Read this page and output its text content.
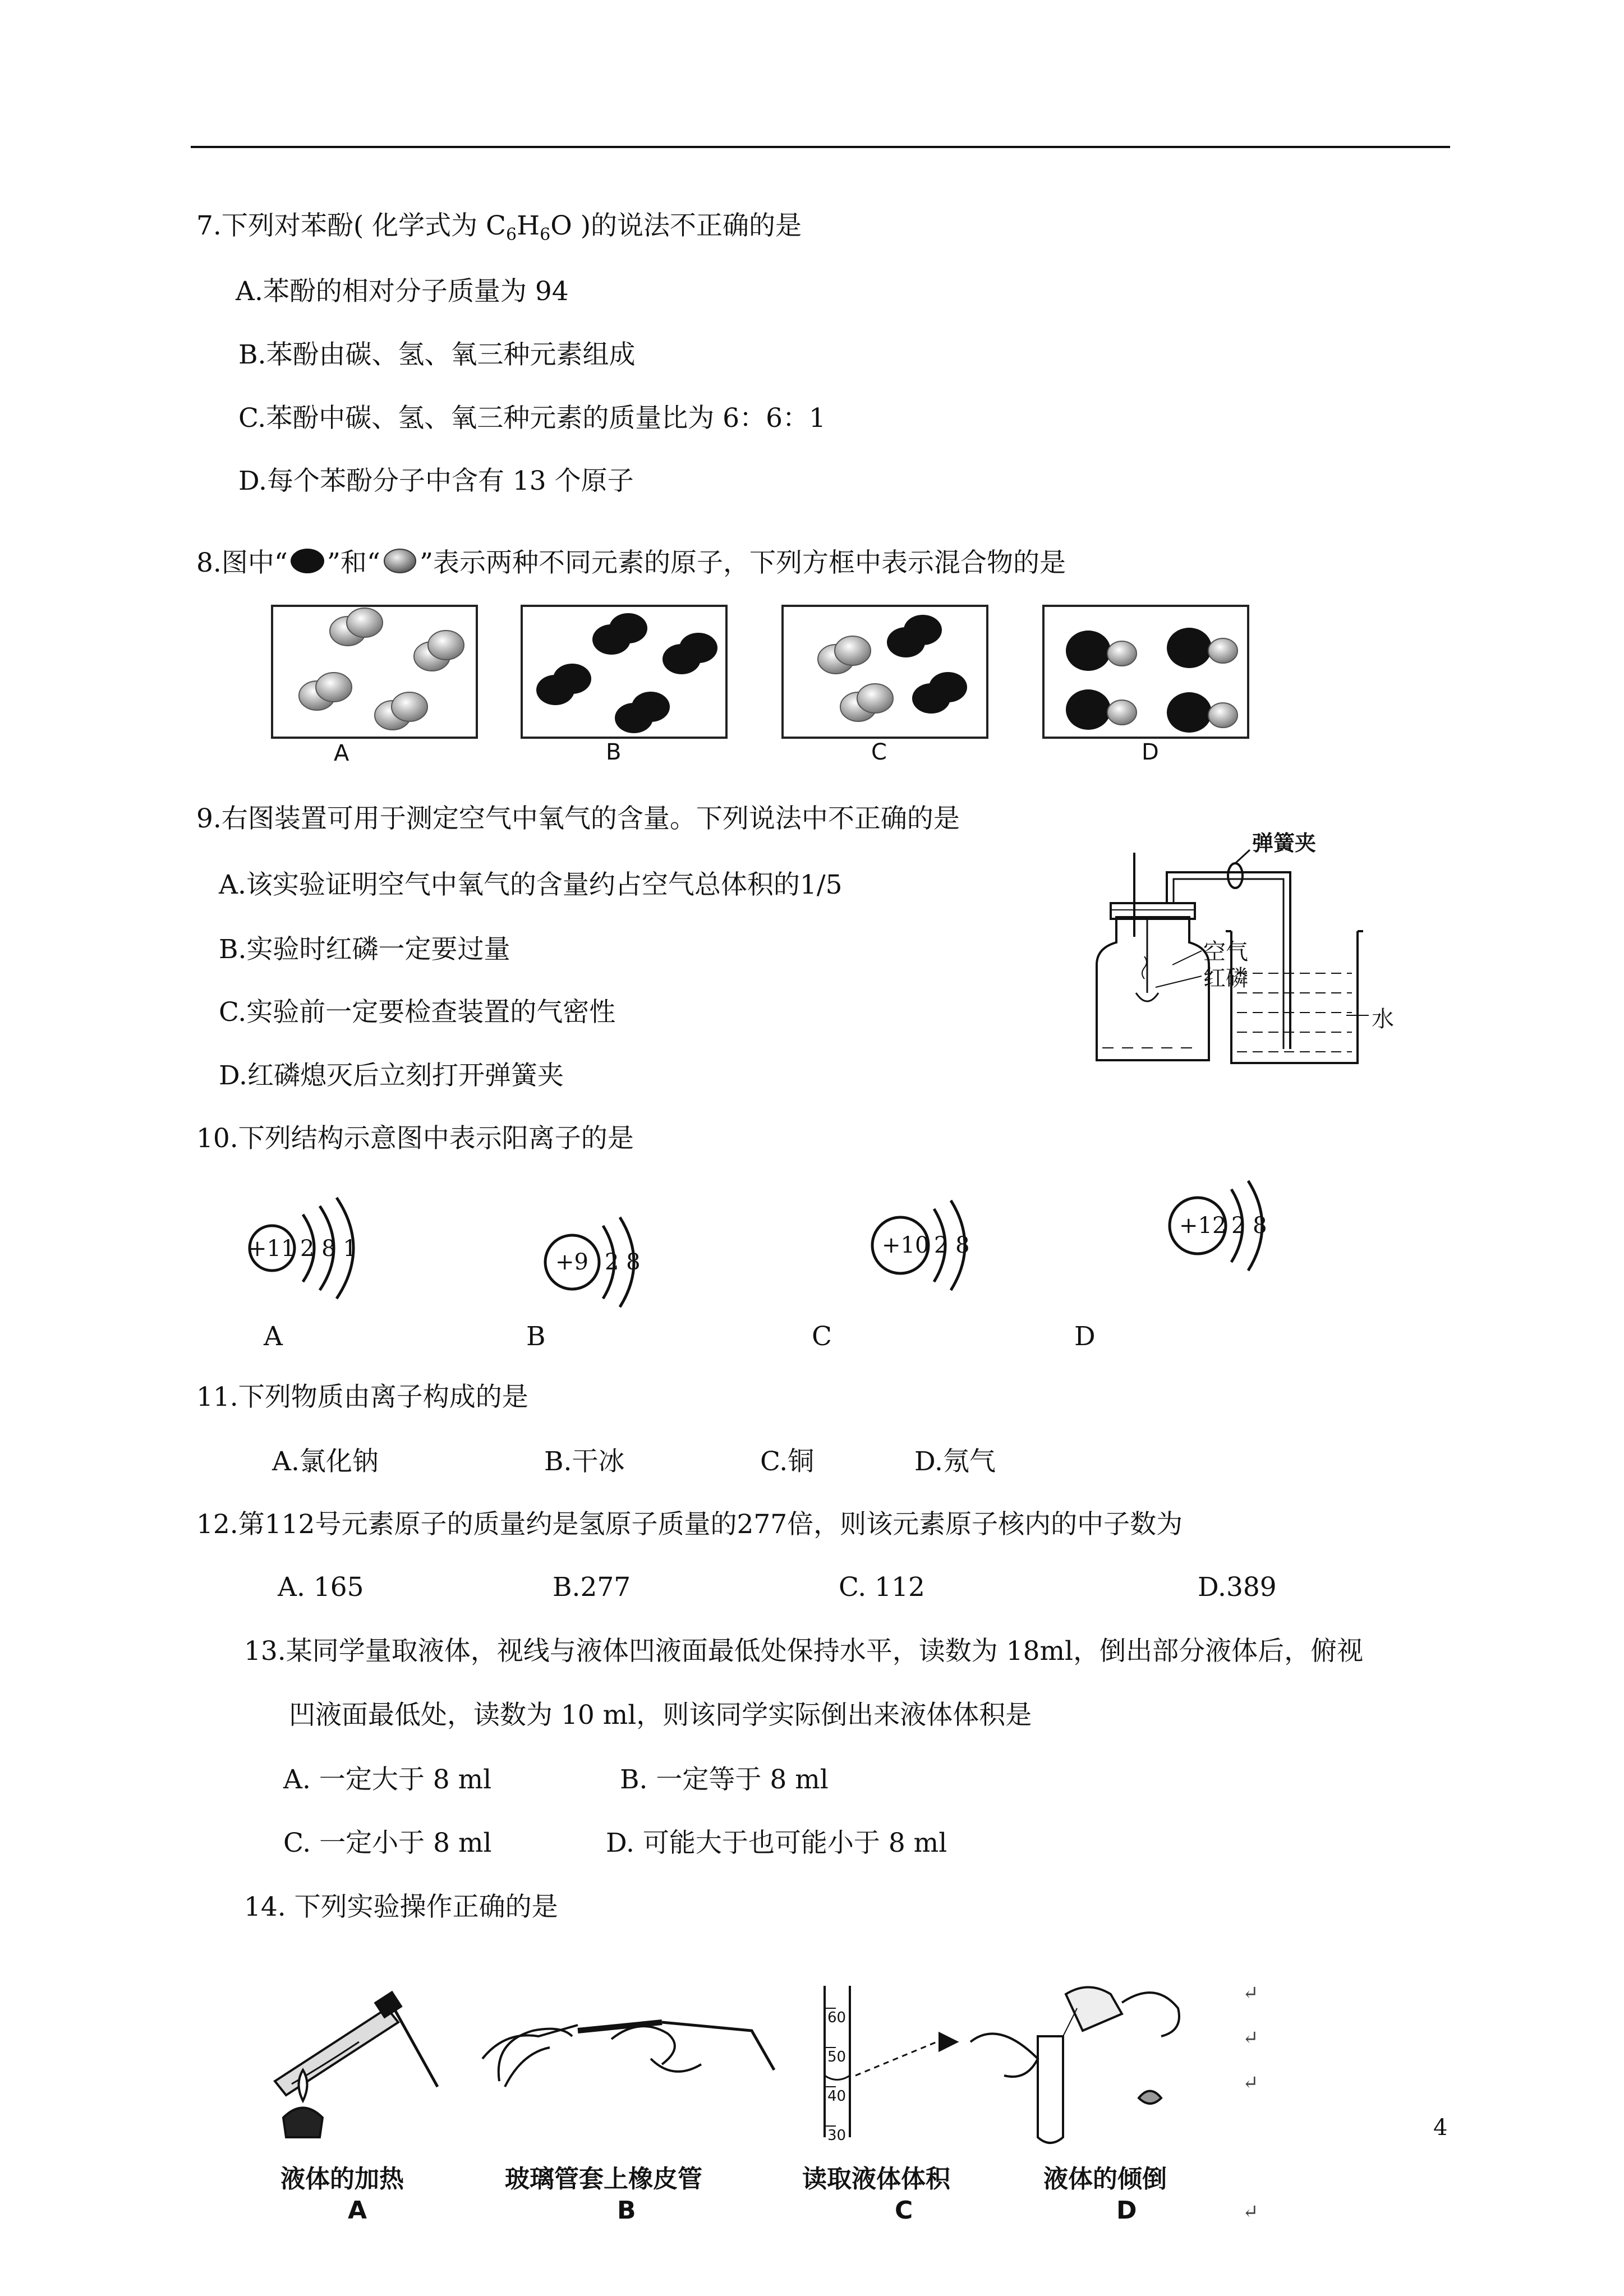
7.下列对苯酚( 化学式为 $C_6H_6O$ )的说法不正确的是
A.苯酚的相对分子质量为 94
B.苯酚由碳、氢、氧三种元素组成
C.苯酚中碳、氢、氧三种元素的质量比为 6：6：1
D.每个苯酚分子中含有 13 个原子
8.图中“ ”和“ ”表示两种不同元素的原子，下列方框中表示混合物的是
A	B	C	D
9.右图装置可用于测定空气中氧气的含量。下列说法中不正确的是
A.该实验证明空气中氧气的含量约占空气总体积的1/5
B.实验时红磷一定要过量
C.实验前一定要检查装置的气密性
D.红磷熄灭后立刻打开弹簧夹
弹簧夹
空气
红磷
水
10.下列结构示意图中表示阳离子的是
+11 2 8 1
+9 2 8
+10 2 8
+12 2 8
A	B	C	D
11.下列物质由离子构成的是
A.氯化钠	B.干冰	C.铜	D.氖气
12.第112号元素原子的质量约是氢原子质量的277倍，则该元素原子核内的中子数为
A. 165	B.277	C. 112	D.389
13.某同学量取液体，视线与液体凹液面最低处保持水平，读数为 18ml，倒出部分液体后，俯视
凹液面最低处，读数为 10 ml，则该同学实际倒出来液体体积是
A. 一定大于 8 ml	B. 一定等于 8 ml
C. 一定小于 8 ml	D. 可能大于也可能小于 8 ml
14. 下列实验操作正确的是
60
50
40
30
↵
↵
↵
↵
液体的加热	玻璃管套上橡皮管	读取液体体积	液体的倾倒
A	B	C	D
4
